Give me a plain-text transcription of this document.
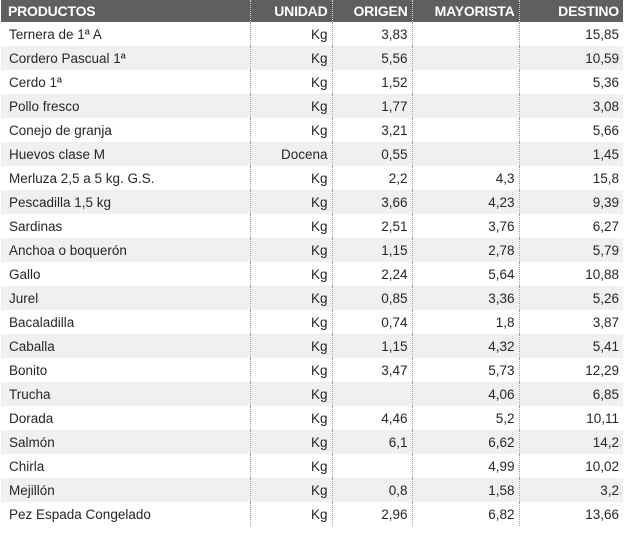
PRODUCTOS	UNIDAD	ORIGEN	MAYORISTA	DESTINO
Ternera de 1ª A	Kg	3,83		15,85
Cordero Pascual 1ª	Kg	5,56		10,59
Cerdo 1ª	Kg	1,52		5,36
Pollo fresco	Kg	1,77		3,08
Conejo de granja	Kg	3,21		5,66
Huevos clase M	Docena	0,55		1,45
Merluza 2,5 a 5 kg. G.S.	Kg	2,2	4,3	15,8
Pescadilla 1,5 kg	Kg	3,66	4,23	9,39
Sardinas	Kg	2,51	3,76	6,27
Anchoa o boquerón	Kg	1,15	2,78	5,79
Gallo	Kg	2,24	5,64	10,88
Jurel	Kg	0,85	3,36	5,26
Bacaladilla	Kg	0,74	1,8	3,87
Caballa	Kg	1,15	4,32	5,41
Bonito	Kg	3,47	5,73	12,29
Trucha	Kg		4,06	6,85
Dorada	Kg	4,46	5,2	10,11
Salmón	Kg	6,1	6,62	14,2
Chirla	Kg		4,99	10,02
Mejillón	Kg	0,8	1,58	3,2
Pez Espada Congelado	Kg	2,96	6,82	13,66
